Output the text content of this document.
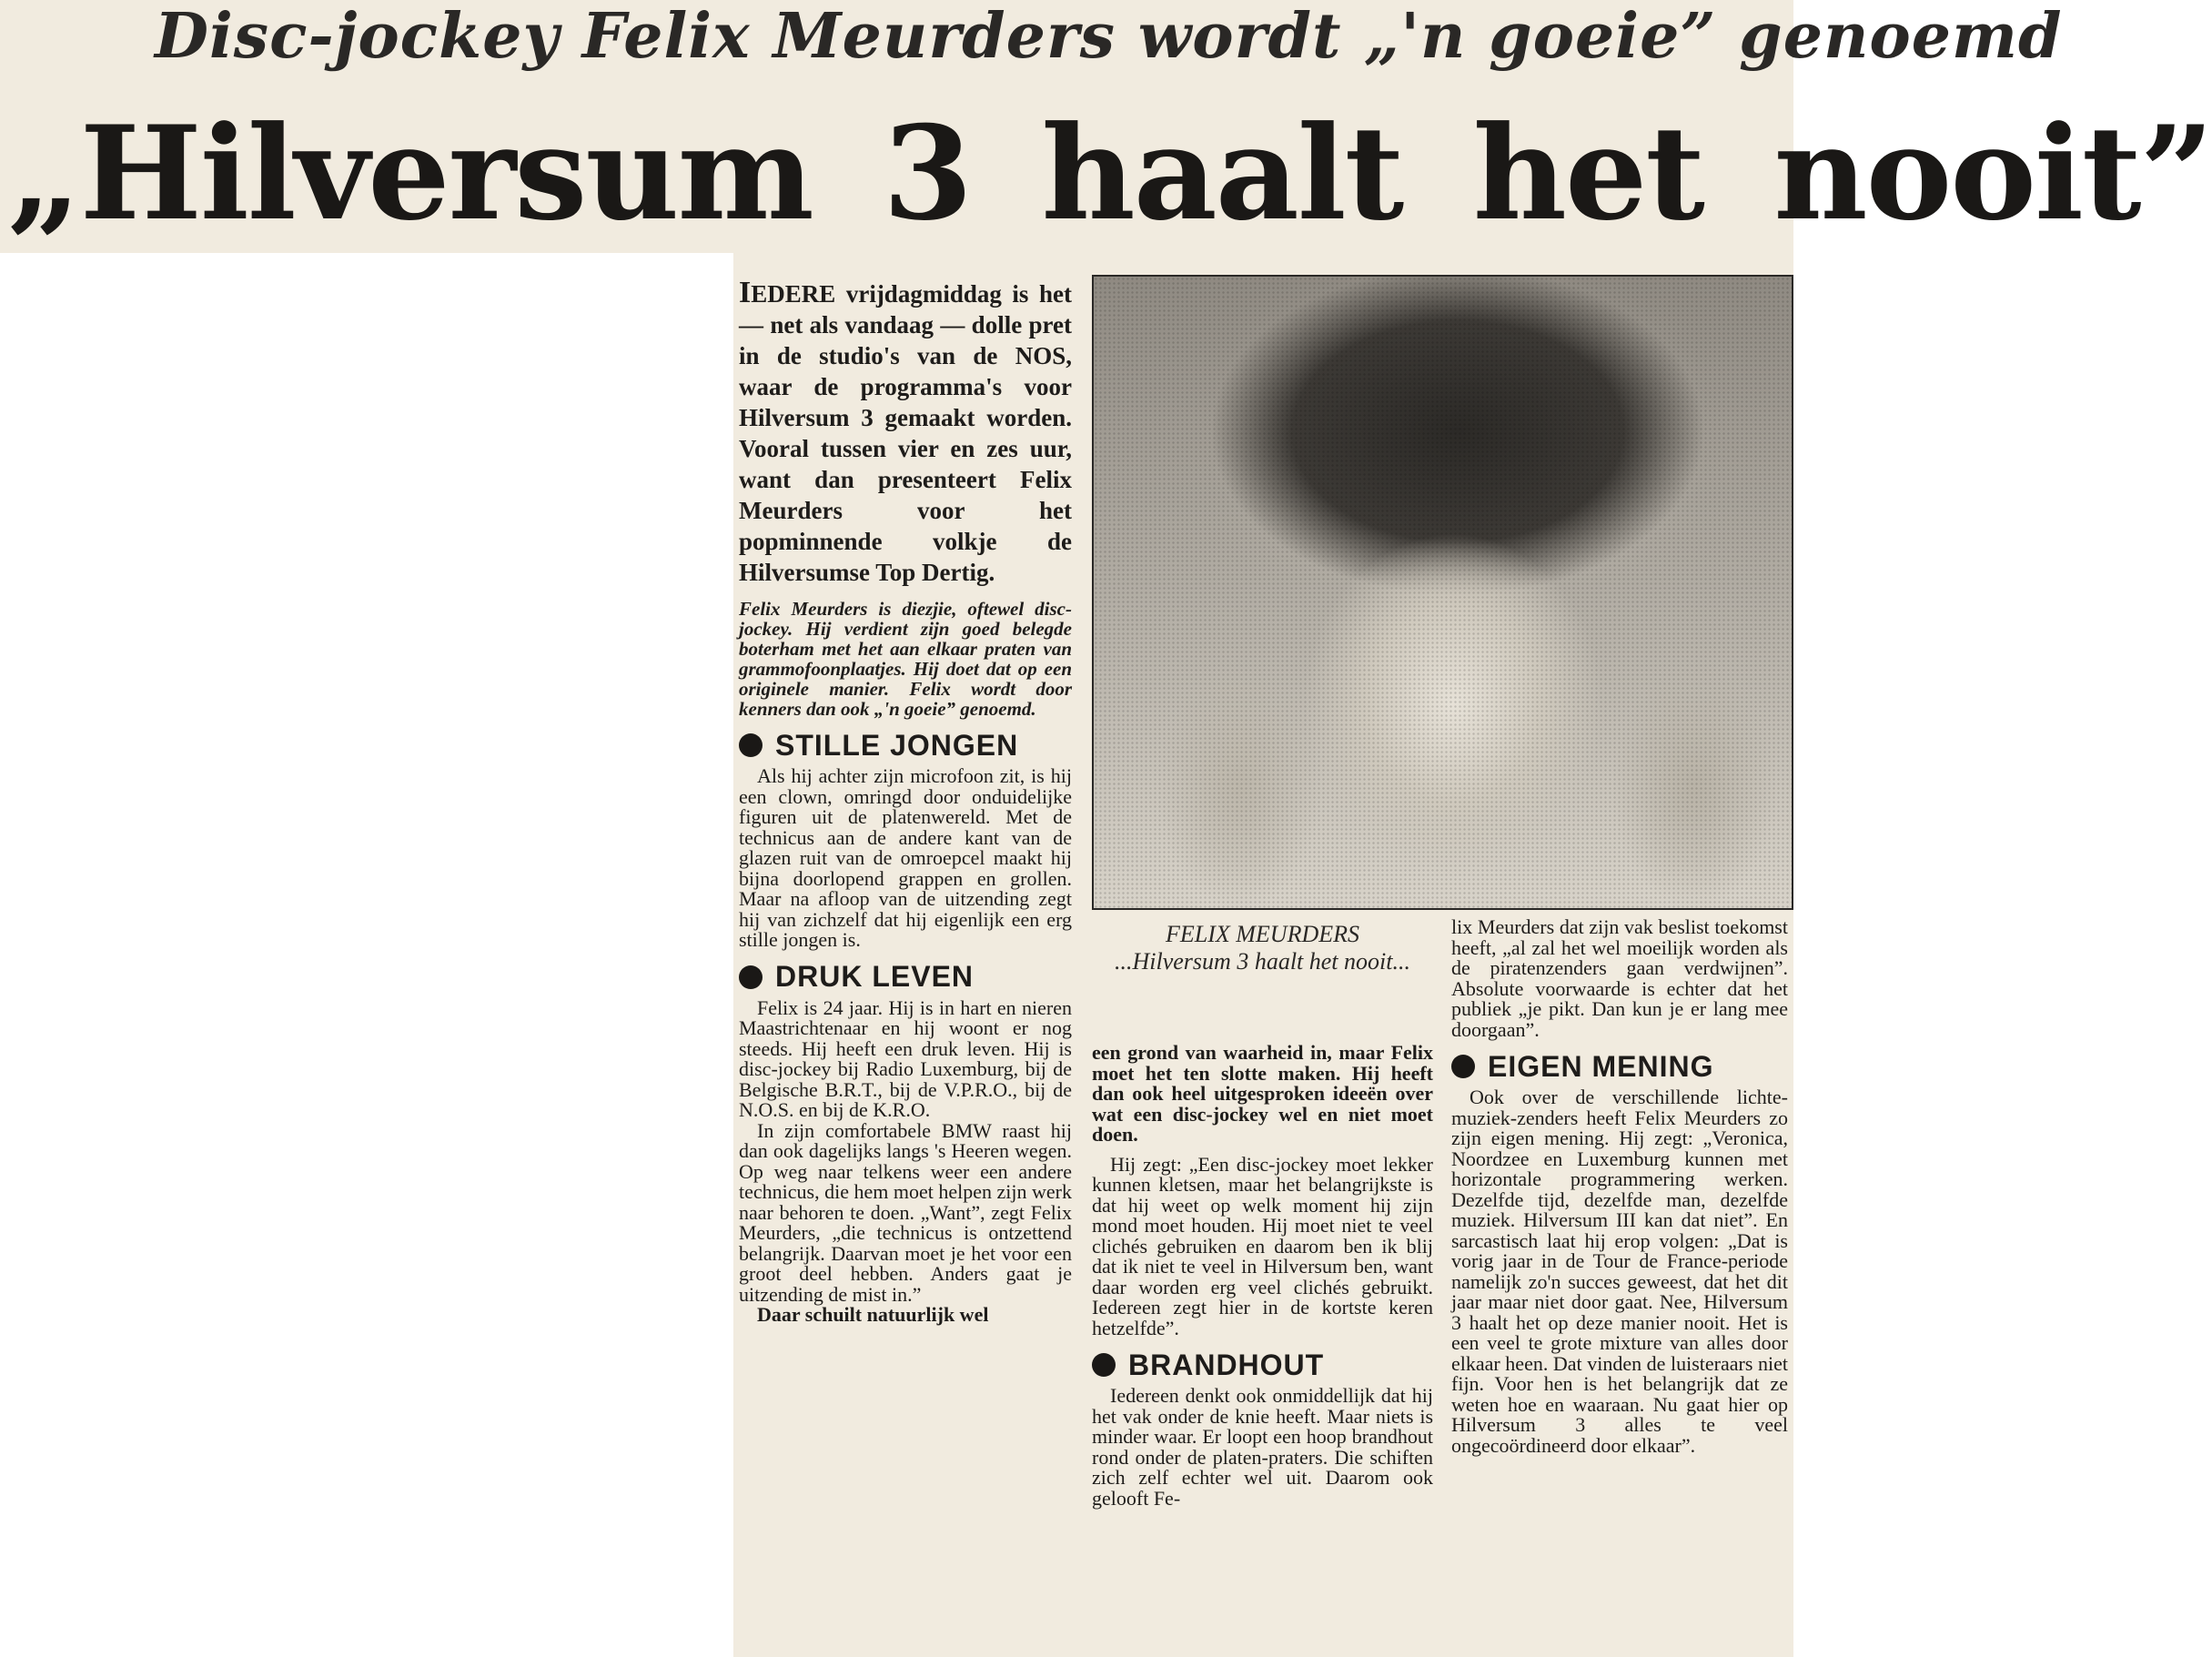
Disc-jockey Felix Meurders wordt „'n goeie” genoemd
„Hilversum 3 haalt het nooit”
IEDERE vrijdagmiddag is het — net als vandaag — dolle pret in de studio's van de NOS, waar de programma's voor Hilversum 3 gemaakt worden. Vooral tussen vier en zes uur, want dan presenteert Felix Meurders voor het popminnende volkje de Hilversumse Top Dertig.
Felix Meurders is diezjie, oftewel disc-jockey. Hij verdient zijn goed belegde boterham met het aan elkaar praten van grammofoonplaatjes. Hij doet dat op een originele manier. Felix wordt door kenners dan ook „'n goeie” genoemd.
STILLE JONGEN

Als hij achter zijn microfoon zit, is hij een clown, omringd door onduidelijke figuren uit de platenwereld. Met de technicus aan de andere kant van de glazen ruit van de omroepcel maakt hij bijna doorlopend grappen en grollen. Maar na afloop van de uitzending zegt hij van zichzelf dat hij eigenlijk een erg stille jongen is.

DRUK LEVEN

Felix is 24 jaar. Hij is in hart en nieren Maastrichtenaar en hij woont er nog steeds. Hij heeft een druk leven. Hij is disc-jockey bij Radio Luxemburg, bij de Belgische B.R.T., bij de V.P.R.O., bij de N.O.S. en bij de K.R.O.

In zijn comfortabele BMW raast hij dan ook dagelijks langs 's Heeren wegen. Op weg naar telkens weer een andere technicus, die hem moet helpen zijn werk naar behoren te doen. „Want”, zegt Felix Meurders, „die technicus is ontzettend belangrijk. Daarvan moet je het voor een groot deel hebben. Anders gaat je uitzending de mist in.”

Daar schuilt natuurlijk wel

FELIX MEURDERS
...Hilversum 3 haalt het nooit...

een grond van waarheid in, maar Felix moet het ten slotte maken. Hij heeft dan ook heel uitgesproken ideeën over wat een disc-jockey wel en niet moet doen.

Hij zegt: „Een disc-jockey moet lekker kunnen kletsen, maar het belangrijkste is dat hij weet op welk moment hij zijn mond moet houden. Hij moet niet te veel clichés gebruiken en daarom ben ik blij dat ik niet te veel in Hilversum ben, want daar worden erg veel clichés gebruikt. Iedereen zegt hier in de kortste keren hetzelfde”.

BRANDHOUT

Iedereen denkt ook onmiddellijk dat hij het vak onder de knie heeft. Maar niets is minder waar. Er loopt een hoop brandhout rond onder de platen-praters. Die schiften zich zelf echter wel uit. Daarom ook gelooft Fe-

lix Meurders dat zijn vak beslist toekomst heeft, „al zal het wel moeilijk worden als de piratenzenders gaan verdwijnen”. Absolute voorwaarde is echter dat het publiek „je pikt. Dan kun je er lang mee doorgaan”.

EIGEN MENING

Ook over de verschillende lichte-muziek-zenders heeft Felix Meurders zo zijn eigen mening. Hij zegt: „Veronica, Noordzee en Luxemburg kunnen met horizontale programmering werken. Dezelfde tijd, dezelfde man, dezelfde muziek. Hilversum III kan dat niet”. En sarcastisch laat hij erop volgen: „Dat is vorig jaar in de Tour de France-periode namelijk zo'n succes geweest, dat het dit jaar maar niet door gaat. Nee, Hilversum 3 haalt het op deze manier nooit. Het is een veel te grote mixture van alles door elkaar heen. Dat vinden de luisteraars niet fijn. Voor hen is het belangrijk dat ze weten hoe en waaraan. Nu gaat hier op Hilversum 3 alles te veel ongecoördineerd door elkaar”.
